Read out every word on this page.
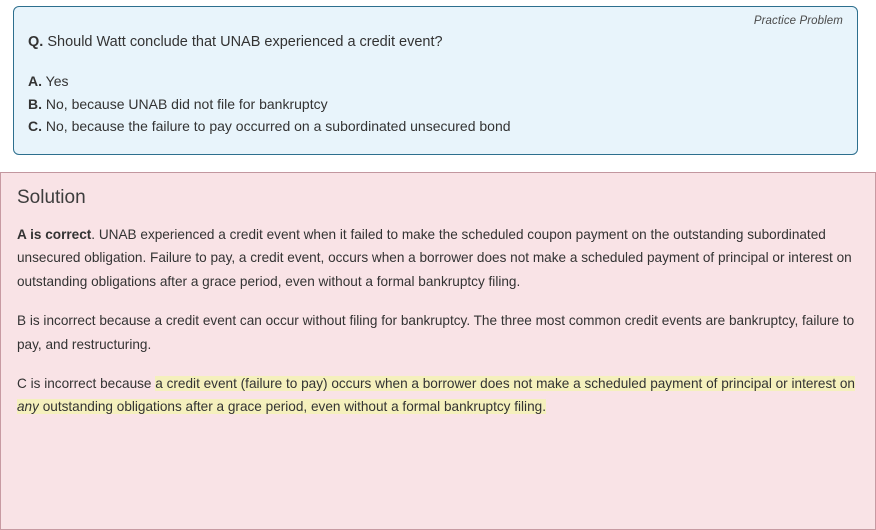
Practice Problem
Q. Should Watt conclude that UNAB experienced a credit event?
A. Yes
B. No, because UNAB did not file for bankruptcy
C. No, because the failure to pay occurred on a subordinated unsecured bond
Solution

A is correct. UNAB experienced a credit event when it failed to make the scheduled coupon payment on the outstanding subordinated unsecured obligation. Failure to pay, a credit event, occurs when a borrower does not make a scheduled payment of principal or interest on outstanding obligations after a grace period, even without a formal bankruptcy filing.

B is incorrect because a credit event can occur without filing for bankruptcy. The three most common credit events are bankruptcy, failure to pay, and restructuring.

C is incorrect because a credit event (failure to pay) occurs when a borrower does not make a scheduled payment of principal or interest on any outstanding obligations after a grace period, even without a formal bankruptcy filing.
